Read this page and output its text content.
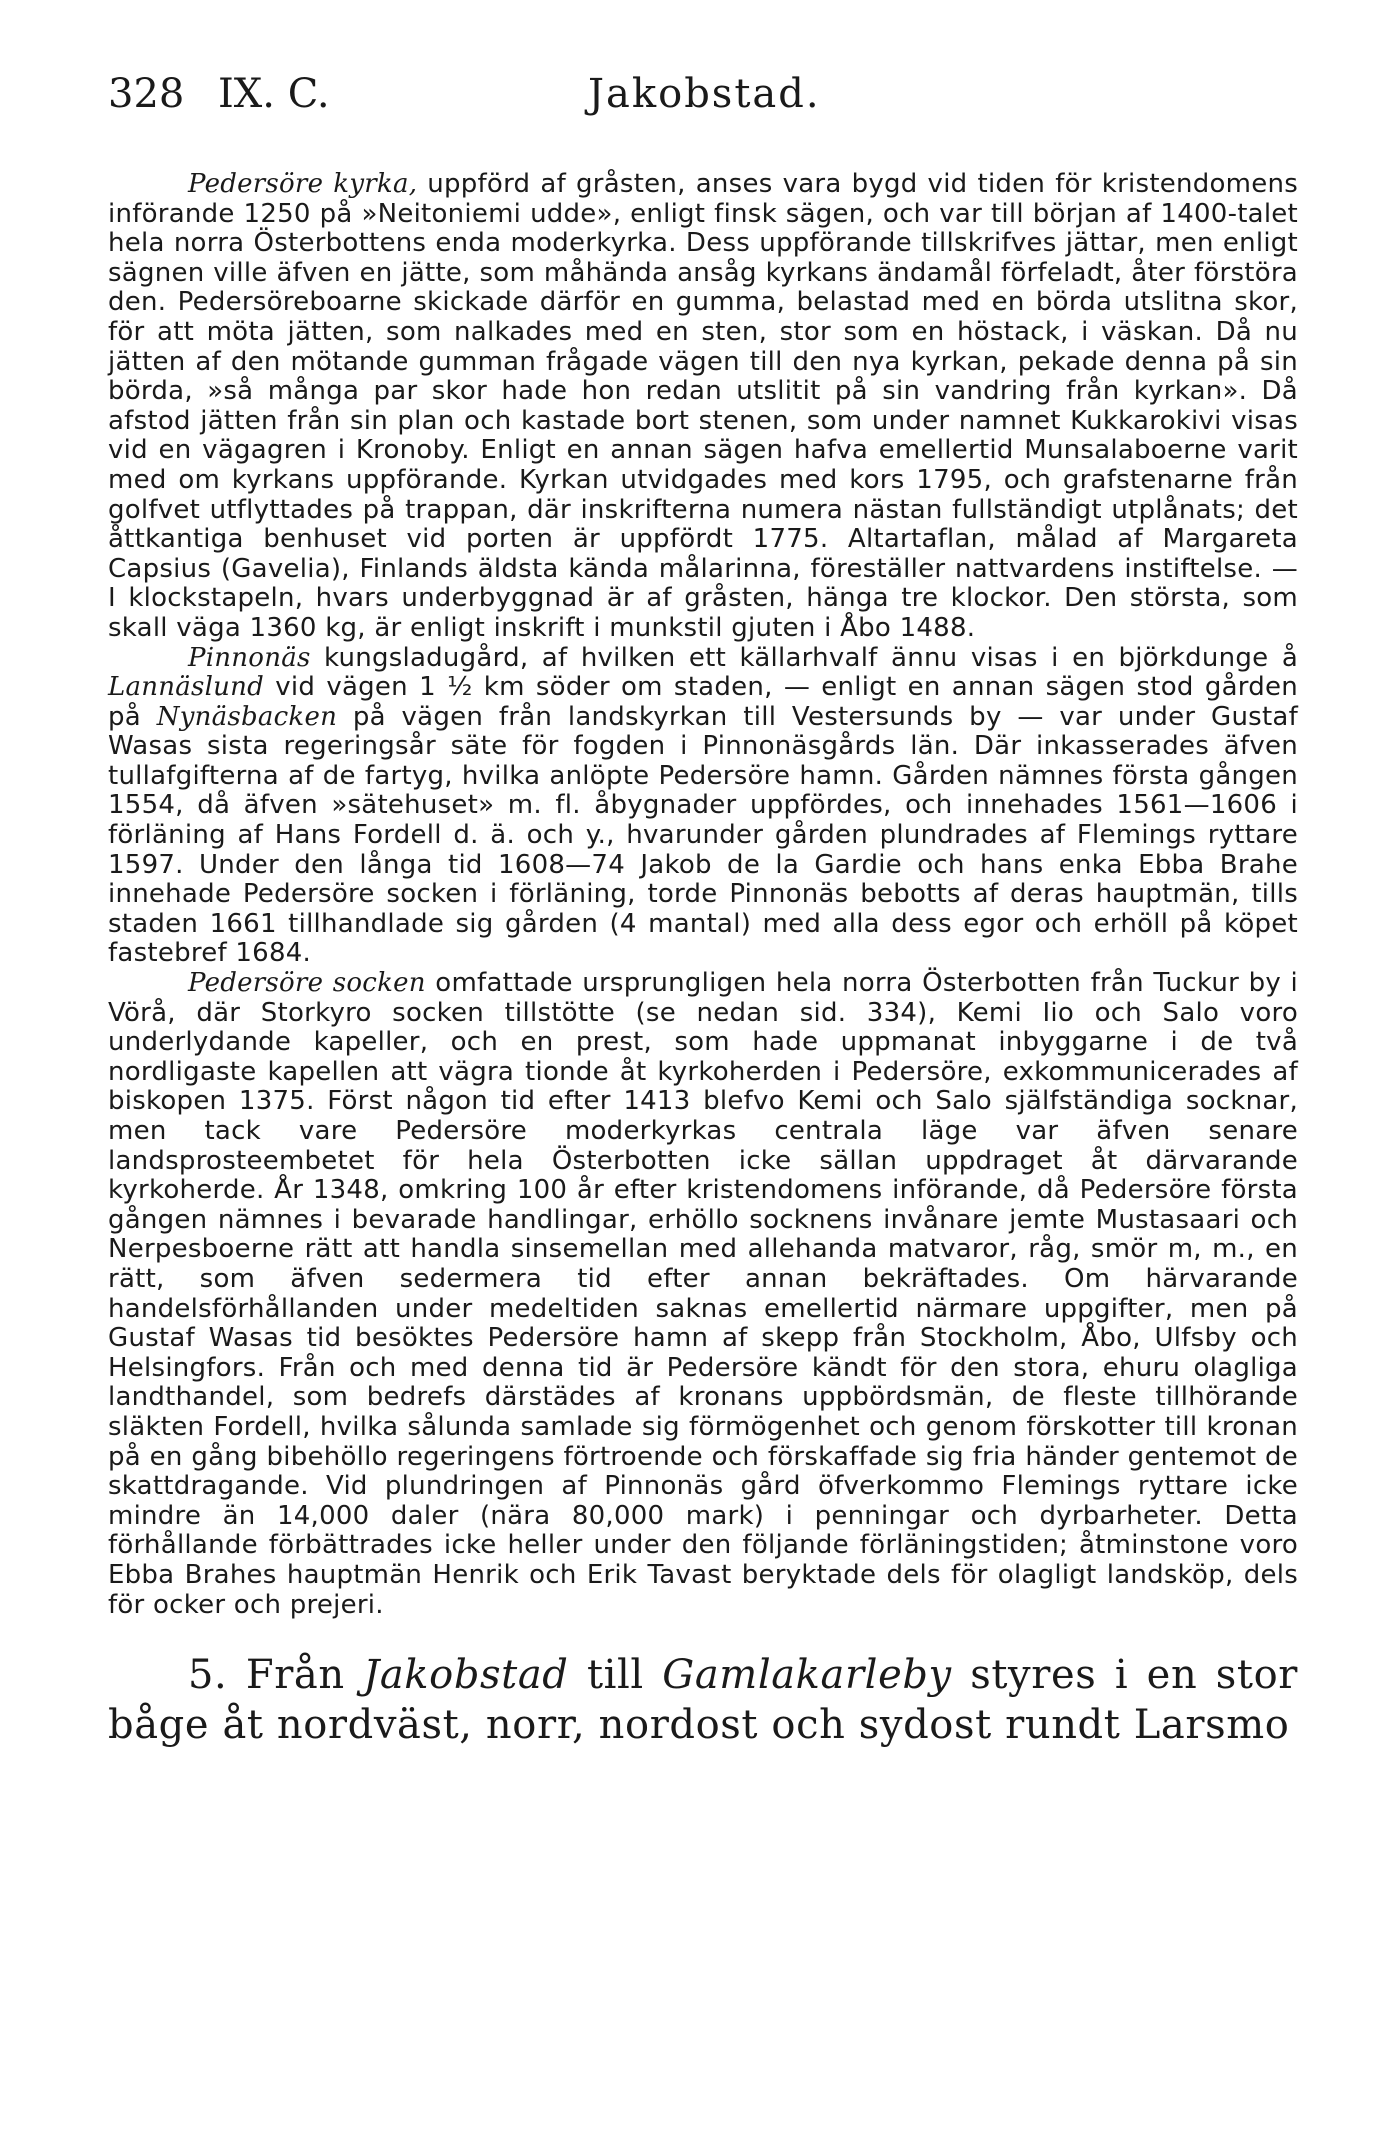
328 IX. C.	Jakobstad.

Pedersöre kyrka, uppförd af gråsten, anses vara bygd vid tiden för kristendomens införande 1250 på »Neitoniemi udde», enligt finsk sägen, och var till början af 1400-talet hela norra Österbottens enda moderkyrka. Dess uppförande tillskrifves jättar, men enligt sägnen ville äfven en jätte, som måhända ansåg kyrkans ändamål förfeladt, åter förstöra den. Pedersöreboarne skickade därför en gumma, belastad med en börda utslitna skor, för att möta jätten, som nalkades med en sten, stor som en höstack, i väskan. Då nu jätten af den mötande gumman frågade vägen till den nya kyrkan, pekade denna på sin börda, »så många par skor hade hon redan utslitit på sin vandring från kyrkan». Då afstod jätten från sin plan och kastade bort stenen, som under namnet Kukkarokivi visas vid en vägagren i Kronoby. Enligt en annan sägen hafva emellertid Munsalaboerne varit med om kyrkans uppförande. Kyrkan utvidgades med kors 1795, och grafstenarne från golfvet utflyttades på trappan, där inskrifterna numera nästan fullständigt utplånats; det åttkantiga benhuset vid porten är uppfördt 1775. Altartaflan, målad af Margareta Capsius (Gavelia), Finlands äldsta kända målarinna, föreställer nattvardens instiftelse. — I klockstapeln, hvars underbyggnad är af gråsten, hänga tre klockor. Den största, som skall väga 1360 kg, är enligt inskrift i munkstil gjuten i Åbo 1488.

Pinnonäs kungsladugård, af hvilken ett källarhvalf ännu visas i en björkdunge å Lannäslund vid vägen 1 ½ km söder om staden, — enligt en annan sägen stod gården på Nynäsbacken på vägen från landskyrkan till Vestersunds by — var under Gustaf Wasas sista regeringsår säte för fogden i Pinnonäsgårds län. Där inkasserades äfven tullafgifterna af de fartyg, hvilka anlöpte Pedersöre hamn. Gården nämnes första gången 1554, då äfven »sätehuset» m. fl. åbygnader uppfördes, och innehades 1561—1606 i förläning af Hans Fordell d. ä. och y., hvarunder gården plundrades af Flemings ryttare 1597. Under den långa tid 1608—74 Jakob de la Gardie och hans enka Ebba Brahe innehade Pedersöre socken i förläning, torde Pinnonäs bebotts af deras hauptmän, tills staden 1661 tillhandlade sig gården (4 mantal) med alla dess egor och erhöll på köpet fastebref 1684.

Pedersöre socken omfattade ursprungligen hela norra Österbotten från Tuckur by i Vörå, där Storkyro socken tillstötte (se nedan sid. 334), Kemi Iio och Salo voro underlydande kapeller, och en prest, som hade uppmanat inbyggarne i de två nordligaste kapellen att vägra tionde åt kyrkoherden i Pedersöre, exkommunicerades af biskopen 1375. Först någon tid efter 1413 blefvo Kemi och Salo själfständiga socknar, men tack vare Pedersöre moderkyrkas centrala läge var äfven senare landsprosteembetet för hela Österbotten icke sällan uppdraget åt därvarande kyrkoherde. År 1348, omkring 100 år efter kristendomens införande, då Pedersöre första gången nämnes i bevarade handlingar, erhöllo socknens invånare jemte Mustasaari och Nerpesboerne rätt att handla sinsemellan med allehanda matvaror, råg, smör m, m., en rätt, som äfven sedermera tid efter annan bekräftades. Om härvarande handelsförhållanden under medeltiden saknas emellertid närmare uppgifter, men på Gustaf Wasas tid besöktes Pedersöre hamn af skepp från Stockholm, Åbo, Ulfsby och Helsingfors. Från och med denna tid är Pedersöre kändt för den stora, ehuru olagliga landthandel, som bedrefs därstädes af kronans uppbördsmän, de fleste tillhörande släkten Fordell, hvilka sålunda samlade sig förmögenhet och genom förskotter till kronan på en gång bibehöllo regeringens förtroende och förskaffade sig fria händer gentemot de skattdragande. Vid plundringen af Pinnonäs gård öfverkommo Flemings ryttare icke mindre än 14,000 daler (nära 80,000 mark) i penningar och dyrbarheter. Detta förhållande förbättrades icke heller under den följande förläningstiden; åtminstone voro Ebba Brahes hauptmän Henrik och Erik Tavast beryktade dels för olagligt landsköp, dels för ocker och prejeri.

5. Från Jakobstad till Gamlakarleby styres i en stor båge åt nordväst, norr, nordost och sydost rundt Larsmo
